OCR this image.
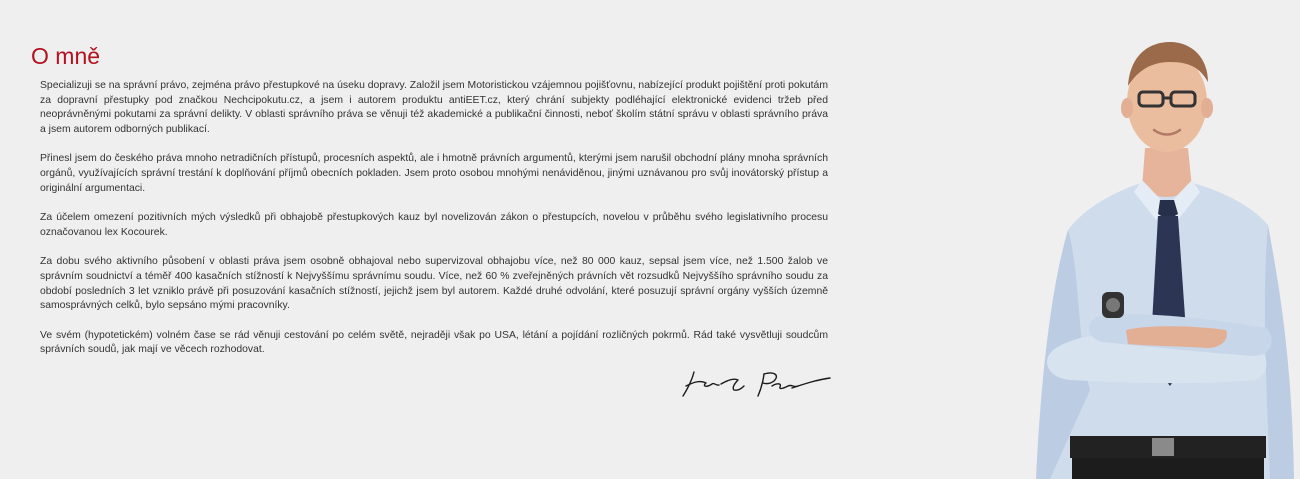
O mně

Specializuji se na správní právo, zejména právo přestupkové na úseku dopravy. Založil jsem Motoristickou vzájemnou pojišťovnu, nabízející produkt pojištění proti pokutám za dopravní přestupky pod značkou Nechcipokutu.cz, a jsem i autorem produktu antiEET.cz, který chrání subjekty podléhající elektronické evidenci tržeb před neoprávněnými pokutami za správní delikty. V oblasti správního práva se věnuji též akademické a publikační činnosti, neboť školím státní správu v oblasti správního práva a jsem autorem odborných publikací.

Přinesl jsem do českého práva mnoho netradičních přístupů, procesních aspektů, ale i hmotně právních argumentů, kterými jsem narušil obchodní plány mnoha správních orgánů, využívajících správní trestání k doplňování příjmů obecních pokladen. Jsem proto osobou mnohými nenáviděnou, jinými uznávanou pro svůj inovátorský přístup a originální argumentaci.

Za účelem omezení pozitivních mých výsledků při obhajobě přestupkových kauz byl novelizován zákon o přestupcích, novelou v průběhu svého legislativního procesu označovanou lex Kocourek.

Za dobu svého aktivního působení v oblasti práva jsem osobně obhajoval nebo supervizoval obhajobu více, než 80 000 kauz, sepsal jsem více, než 1.500 žalob ve správním soudnictví a téměř 400 kasačních stížností k Nejvyššímu správnímu soudu. Více, než 60 % zveřejněných právních vět rozsudků Nejvyššího správního soudu za období posledních 3 let vzniklo právě při posuzování kasačních stížností, jejichž jsem byl autorem. Každé druhé odvolání, které posuzují správní orgány vyšších územně samosprávných celků, bylo sepsáno mými pracovníky.

Ve svém (hypotetickém) volném čase se rád věnuji cestování po celém světě, nejraději však po USA, létání a pojídání rozličných pokrmů. Rád také vysvětluji soudcům správních soudů, jak mají ve věcech rozhodovat.
